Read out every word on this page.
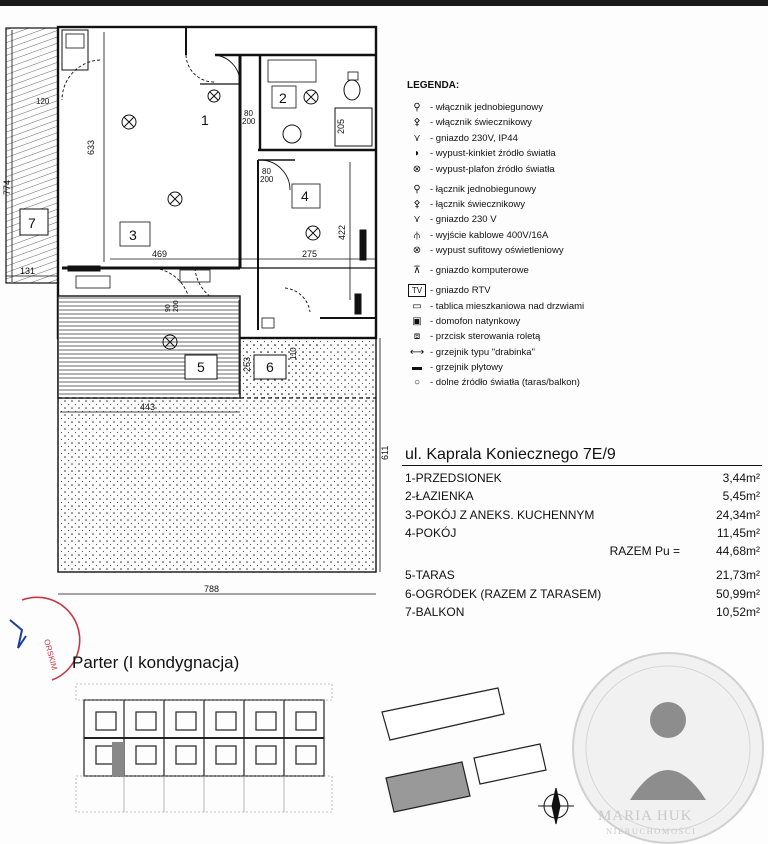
1
2
3
4
5	6
7
633
774
131
469	275
422
205
253
443
611
788
80
200
80
200
90 200
110
120
ORSKIM
LEGENDA:
⚲ - włącznik jednobiegunowy
⚴ - włącznik świecznikowy
⋎ - gniazdo 230V, IP44
◗	- wypust-kinkiet źródło światła
⊗ - wypust-plafon źródło światła
⚲ - łącznik jednobiegunowy
⚴ - łącznik świecznikowy
⋎ - gniazdo 230 V
⫛	- wyjście kablowe 400V/16A
⊗ - wypust sufitowy oświetleniowy
⊼ - gniazdo komputerowe
TV - gniazdo RTV
▭ - tablica mieszkaniowa nad drzwiami
▣ - domofon natynkowy
⧈	- przcisk sterowania roletą
⟷ - grzejnik typu "drabinka"
▬ - grzejnik płytowy
○	- dolne źródło światła (taras/balkon)
ul. Kaprala Koniecznego 7E/9
1-PRZEDSIONEK	3,44m²
2-ŁAZIENKA	5,45m²
3-POKÓJ Z ANEKS. KUCHENNYM	24,34m²
4-POKÓJ	11,45m²
RAZEM Pu =	44,68m²
5-TARAS	21,73m²
6-OGRÓDEK (RAZEM Z TARASEM)	50,99m²
7-BALKON	10,52m²
Parter (I kondygnacja)
MARIA HUK
NIERUCHOMOŚCI
